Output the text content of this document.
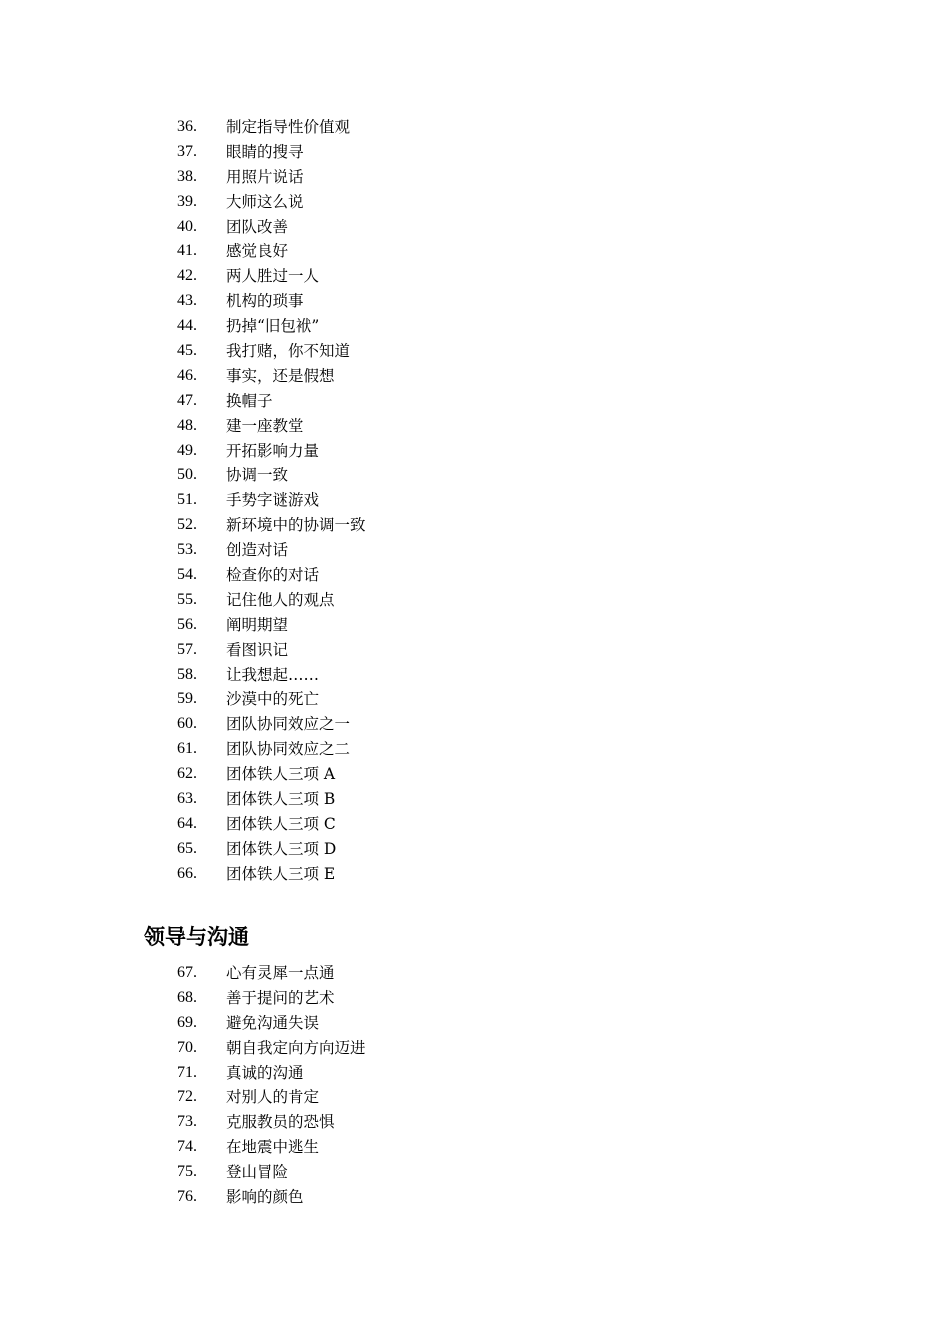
36. 制定指导性价值观
37. 眼睛的搜寻
38. 用照片说话
39. 大师这么说
40. 团队改善
41. 感觉良好
42. 两人胜过一人
43. 机构的琐事
44. 扔掉“旧包袱”
45. 我打赌，你不知道
46. 事实，还是假想
47. 换帽子
48. 建一座教堂
49. 开拓影响力量
50. 协调一致
51. 手势字谜游戏
52. 新环境中的协调一致
53. 创造对话
54. 检查你的对话
55. 记住他人的观点
56. 阐明期望
57. 看图识记
58. 让我想起……
59. 沙漠中的死亡
60. 团队协同效应之一
61. 团队协同效应之二
62. 团体铁人三项 A
63. 团体铁人三项 B
64. 团体铁人三项 C
65. 团体铁人三项 D
66. 团体铁人三项 E
领导与沟通
67. 心有灵犀一点通
68. 善于提问的艺术
69. 避免沟通失误
70. 朝自我定向方向迈进
71. 真诚的沟通
72. 对别人的肯定
73. 克服教员的恐惧
74. 在地震中逃生
75. 登山冒险
76. 影响的颜色
